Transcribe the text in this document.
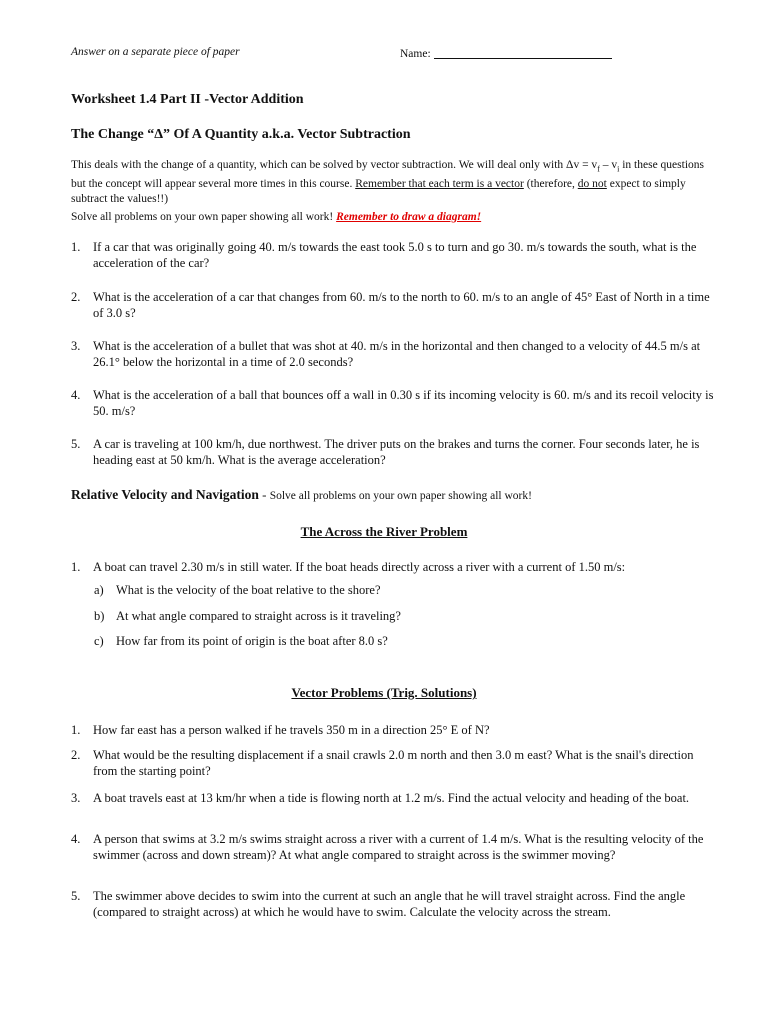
Answer on a separate piece of paper	Name:
Worksheet 1.4 Part II -Vector Addition
The Change “Δ” Of A Quantity a.k.a. Vector Subtraction
This deals with the change of a quantity, which can be solved by vector subtraction. We will deal only with $\Delta v = v_f - v_i$ in these questions but the concept will appear several more times in this course. Remember that each term is a vector (therefore, do not expect to simply subtract the values!!)
Solve all problems on your own paper showing all work! Remember to draw a diagram!
1.	If a car that was originally going 40. m/s towards the east took 5.0 s to turn and go 30. m/s towards the south, what is the acceleration of the car?
2.	What is the acceleration of a car that changes from 60. m/s to the north to 60. m/s to an angle of 45° East of North in a time of 3.0 s?
3.	What is the acceleration of a bullet that was shot at 40. m/s in the horizontal and then changed to a velocity of 44.5 m/s at 26.1° below the horizontal in a time of 2.0 seconds?
4.	What is the acceleration of a ball that bounces off a wall in 0.30 s if its incoming velocity is 60. m/s and its recoil velocity is 50. m/s?
5.	A car is traveling at 100 km/h, due northwest. The driver puts on the brakes and turns the corner. Four seconds later, he is heading east at 50 km/h. What is the average acceleration?
Relative Velocity and Navigation - Solve all problems on your own paper showing all work!
The Across the River Problem
1.	A boat can travel 2.30 m/s in still water. If the boat heads directly across a river with a current of 1.50 m/s:
a) What is the velocity of the boat relative to the shore?
b) At what angle compared to straight across is it traveling?
c) How far from its point of origin is the boat after 8.0 s?
Vector Problems (Trig. Solutions)
1.	How far east has a person walked if he travels 350 m in a direction 25° E of N?
2.	What would be the resulting displacement if a snail crawls 2.0 m north and then 3.0 m east? What is the snail's direction from the starting point?
3.	A boat travels east at 13 km/hr when a tide is flowing north at 1.2 m/s. Find the actual velocity and heading of the boat.
4.	A person that swims at 3.2 m/s swims straight across a river with a current of 1.4 m/s. What is the resulting velocity of the swimmer (across and down stream)? At what angle compared to straight across is the swimmer moving?
5.	The swimmer above decides to swim into the current at such an angle that he will travel straight across. Find the angle (compared to straight across) at which he would have to swim. Calculate the velocity across the stream.
